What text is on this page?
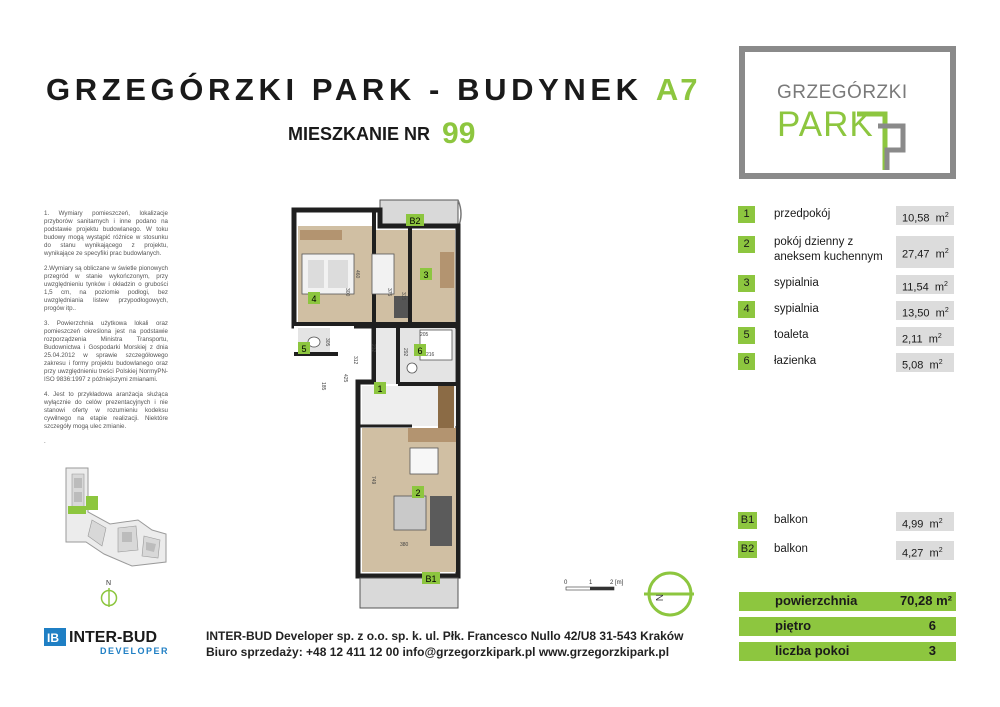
GRZEGÓRZKI PARK - BUDYNEK A7
MIESZKANIE NR 99
GRZEGÓRZKI
PARK

1. Wymiary pomieszczeń, lokalizacje przyborów sanitarnych i inne podano na podstawie projektu budowlanego. W toku budowy mogą wystąpić różnice w stosunku do stanu wynikającego z projektu, wynikające ze specyfiki prac budowlanych.

2.Wymiary są obliczane w świetle pionowych przegród w stanie wykończonym, przy uwzględnieniu tynków i okładzin o grubości 1,5 cm, na poziomie podłogi, bez uwzględniania listew przypodłogowych, progów itp..

3. Powierzchnia użytkowa lokali oraz pomieszczeń określona jest na podstawie rozporządzenia Ministra Transportu, Budownictwa i Gospodarki Morskiej z dnia 25.04.2012 w sprawie szczegółowego zakresu i formy projektu budowlanego oraz przy uwzględnieniu treści Polskiej NormyPN-ISO 9836:1997 z późniejszymi zmianami.

4. Jest to przykładowa aranżacja służąca wyłącznie do celów prezentacyjnych i nie stanowi oferty w rozumieniu kodeksu cywilnego na etapie realizacji. Niektóre szczegóły mogą ulec zmianie.

.

N
4
3
5	6
1
2
B1
B2
460
300	315
375
312
232	292
305
425
185
749
380
205
216
0	1	2 [m]
N
1	przedpokój	10,58 $m^2$
2	pokój dzienny z aneksem kuchennym	27,47 $m^2$
3	sypialnia	11,54 $m^2$
4	sypialnia	13,50 $m^2$
5	toaleta	2,11 $m^2$
6	łazienka	5,08 $m^2$
B1 balkon	4,99 $m^2$
B2 balkon	4,27 $m^2$
powierzchnia	70,28 m²
piętro	6
liczba pokoi	3
IB INTER-BUD
DEVELOPER
INTER-BUD Developer sp. z o.o. sp. k. ul. Płk. Francesco Nullo 42/U8 31-543 Kraków
Biuro sprzedaży: +48 12 411 12 00 info@grzegorzkipark.pl www.grzegorzkipark.pl
